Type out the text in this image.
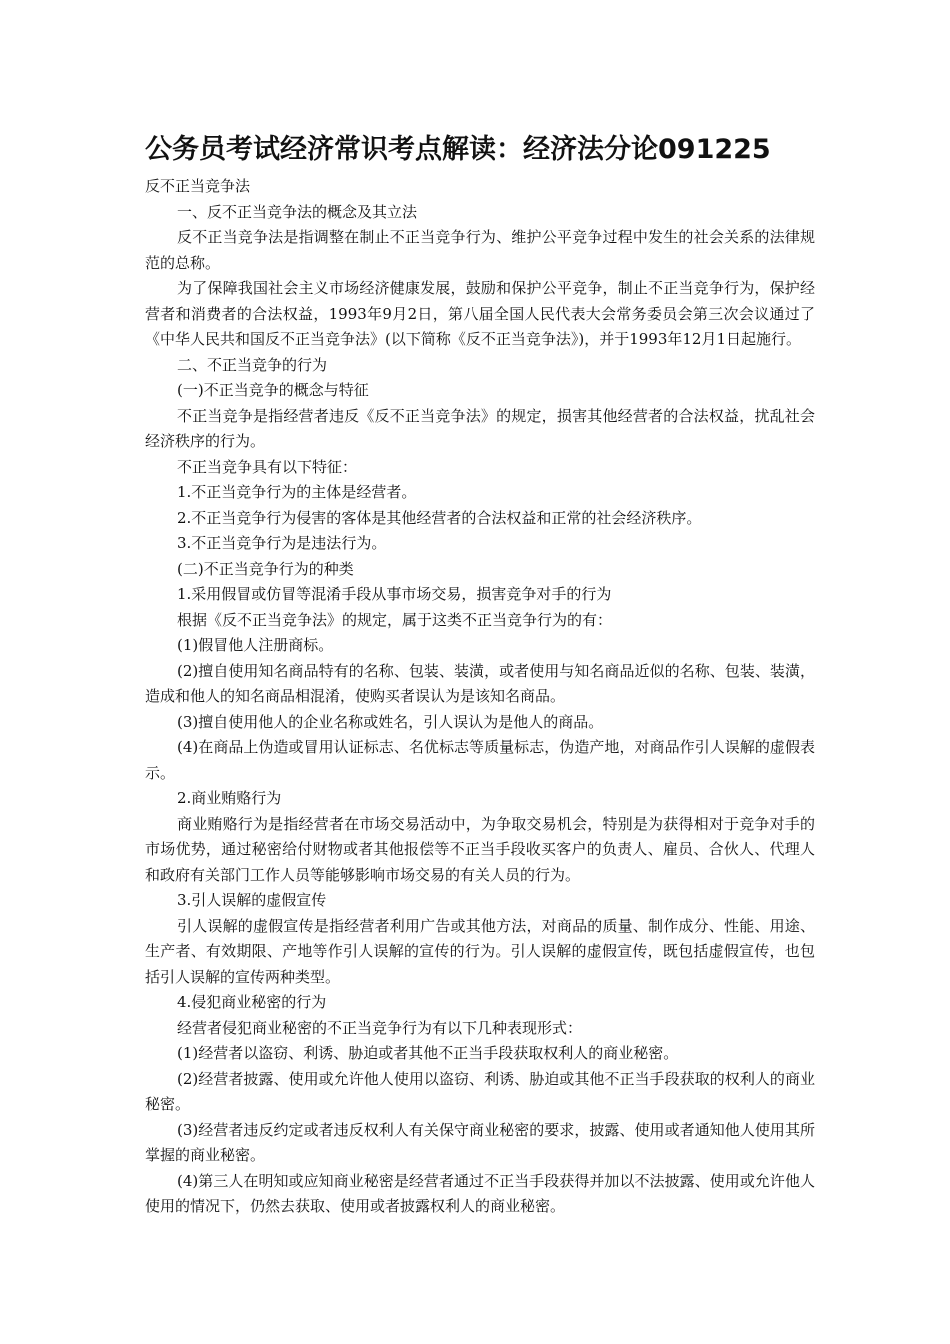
公务员考试经济常识考点解读：经济法分论091225

反不正当竞争法

一、反不正当竞争法的概念及其立法

反不正当竞争法是指调整在制止不正当竞争行为、维护公平竞争过程中发生的社会关系的法律规范的总称。

为了保障我国社会主义市场经济健康发展，鼓励和保护公平竞争，制止不正当竞争行为，保护经营者和消费者的合法权益，1993年9月2日，第八届全国人民代表大会常务委员会第三次会议通过了《中华人民共和国反不正当竞争法》(以下简称《反不正当竞争法》)，并于1993年12月1日起施行。

二、不正当竞争的行为

(一)不正当竞争的概念与特征

不正当竞争是指经营者违反《反不正当竞争法》的规定，损害其他经营者的合法权益，扰乱社会经济秩序的行为。

不正当竞争具有以下特征：

1.不正当竞争行为的主体是经营者。

2.不正当竞争行为侵害的客体是其他经营者的合法权益和正常的社会经济秩序。

3.不正当竞争行为是违法行为。

(二)不正当竞争行为的种类

1.采用假冒或仿冒等混淆手段从事市场交易，损害竞争对手的行为

根据《反不正当竞争法》的规定，属于这类不正当竞争行为的有：

(1)假冒他人注册商标。

(2)擅自使用知名商品特有的名称、包装、装潢，或者使用与知名商品近似的名称、包装、装潢，造成和他人的知名商品相混淆，使购买者误认为是该知名商品。

(3)擅自使用他人的企业名称或姓名，引人误认为是他人的商品。

(4)在商品上伪造或冒用认证标志、名优标志等质量标志，伪造产地，对商品作引人误解的虚假表示。

2.商业贿赂行为

商业贿赂行为是指经营者在市场交易活动中，为争取交易机会，特别是为获得相对于竞争对手的市场优势，通过秘密给付财物或者其他报偿等不正当手段收买客户的负责人、雇员、合伙人、代理人和政府有关部门工作人员等能够影响市场交易的有关人员的行为。

3.引人误解的虚假宣传

引人误解的虚假宣传是指经营者利用广告或其他方法，对商品的质量、制作成分、性能、用途、生产者、有效期限、产地等作引人误解的宣传的行为。引人误解的虚假宣传，既包括虚假宣传，也包括引人误解的宣传两种类型。

4.侵犯商业秘密的行为

经营者侵犯商业秘密的不正当竞争行为有以下几种表现形式：

(1)经营者以盗窃、利诱、胁迫或者其他不正当手段获取权利人的商业秘密。

(2)经营者披露、使用或允许他人使用以盗窃、利诱、胁迫或其他不正当手段获取的权利人的商业秘密。

(3)经营者违反约定或者违反权利人有关保守商业秘密的要求，披露、使用或者通知他人使用其所掌握的商业秘密。

(4)第三人在明知或应知商业秘密是经营者通过不正当手段获得并加以不法披露、使用或允许他人使用的情况下，仍然去获取、使用或者披露权利人的商业秘密。
